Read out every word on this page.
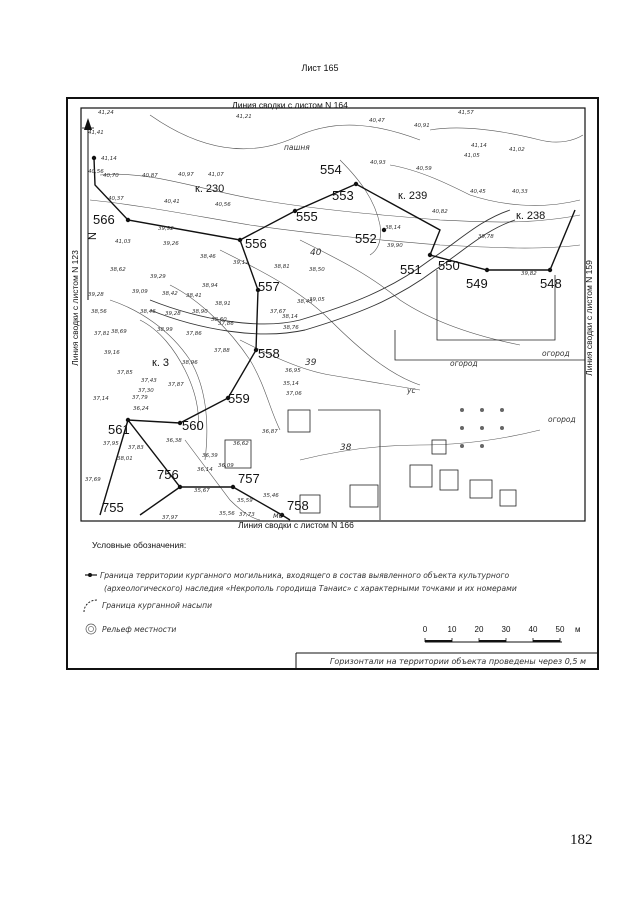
Лист 165
N
Линия сводки с листом N 164
Линия сводки с листом N 166
Линия сводки с листом N 123	Линия сводки с листом N 159
554
553
555
552
556
551 550
549	548
557
558
559
560
561
566
756	757
755	758
к. 230
к. 239
к. 238
к. 3
пашня
огород
огород
огород
ус
мс
40
39
38
41,24
41,41
41,14
40,56
40,70
40,37
40,87	40,97	41,07
41,21
40,47
40,91
41,57
41,14
41,05
41,02
40,93
40,59
40,45	40,33
40,41	40,56
40,82
39,82
39,90
38,14
39,78
39,92
41,03	39,26
38,46
39,11
38,81	38,50
38,62
39,29
39,28
38,94
39,09	38,42 38,41
38,56	38,46 39,28 38,90
38,60
37,81 38,69	38,99
37,86
38,91
37,86
38,45
39,05
38,14
37,67
38,76
39,16
38,96
37,88
37,85
37,43
37,30
37,87
37,79
36,24
36,38
36,39
36,14
36,09
35,67
35,56
35,46
35,59
37,73
38,01
37,83
37,95
37,69
37,97
37,14
37,06
36,87
36,62
36,95
35,14
Условные обозначения:
Граница территории курганного могильника, входящего в состав выявленного объекта культурного
(археологического) наследия «Некрополь городища Танаис» с характерными точками и их номерами
Граница курганной насыпи
Рельеф местности	0	10 20 30 40 50 м
Горизонтали на территории объекта проведены через 0,5 м
182
